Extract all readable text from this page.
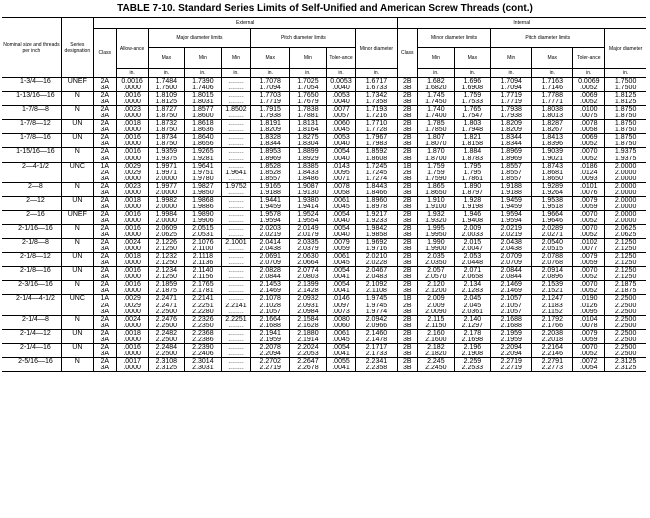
TABLE 7-10. Standard Series Limits of Self-Unified and American Screw Threads (cont.)
Nominal size and threads per inch	Series designation	External									Internal						
		Class	Allow-ance	Major diameter limits			Pitch diameter limits			Minor diameter	Class	Minor diameter limits		Pitch diameter limits			Major diameter
				Max	Min	Min	Max	Min	Toler-ance			Min	Max	Min	Max	Toler-ance	
			in.	in.	in.	in.	in.	in.	in.	in.		in.	in.	in.	in.	in.	in.
1-3/4—16	UNEF	2A	0.0016	1.7484	1.7390	........	1.7078	1.7025	0.0053	1.6717	2B	1.682	1.696	1.7094	1.7163	0.0069	1.7500
		3A	.0000	1.7500	1.7406	........	1.7094	1.7054	.0040	1.6733	3B	1.6820	1.6908	1.7094	1.7146	.0052	1.7500
1-13/16—16	N	2A	.0016	1.8109	1.8015	........	1.7703	1.7650	.0053	1.7342	2B	1.745	1.759	1.7719	1.7788	.0069	1.8125
		3A	.0000	1.8125	1.8031	........	1.7719	1.7679	.0040	1.7358	3B	1.7450	1.7533	1.7719	1.7771	.0052	1.8125
1-7/8—8	N	2A	.0023	1.8727	1.8577	1.8502	1.7915	1.7838	.0077	1.7193	2B	1.740	1.765	1.7938	1.8038	.0100	1.8750
		3A	.0000	1.8750	1.8600	........	1.7938	1.7881	.0057	1.7216	3B	1.7400	1.7547	1.7938	1.8013	.0075	1.8750
1-7/8—12	UN	2A	.0018	1.8732	1.8618	........	1.8191	1.8131	.0060	1.7710	2B	1.785	1.803	1.8209	1.8287	.0078	1.8750
		3A	.0000	1.8750	1.8636	........	1.8209	1.8164	.0045	1.7728	3B	1.7850	1.7948	1.8209	1.8267	.0058	1.8750
1-7/8—16	UN	2A	.0016	1.8734	1.8640	........	1.8328	1.8275	.0053	1.7967	2B	1.807	1.821	1.8344	1.8413	.0069	1.8750
		3A	.0000	1.8750	1.8656	........	1.8344	1.8304	.0040	1.7983	3B	1.8070	1.8158	1.8344	1.8396	.0052	1.8750
1-15/16—16	N	2A	.0016	1.9359	1.9265	........	1.8953	1.8899	.0054	1.8592	2B	1.870	1.884	1.8969	1.9039	.0070	1.9375
		3A	.0000	1.9375	1.9281	........	1.8969	1.8929	.0040	1.8608	3B	1.8700	1.8783	1.8969	1.9021	.0052	1.9375
2—4-1/2	UNC	1A	.0029	1.9971	1.9641	........	1.8528	1.8385	.0143	1.7245	1B	1.759	1.795	1.8557	1.8743	.0186	2.0000
		2A	.0029	1.9971	1.9751	1.9641	1.8528	1.8433	.0095	1.7245	2B	1.759	1.795	1.8557	1.8681	.0124	2.0000
		3A	.0000	2.0000	1.9780	........	1.8557	1.8486	.0071	1.7274	3B	1.7590	1.7861	1.8557	1.8650	.0093	2.0000
2—8	N	2A	.0023	1.9977	1.9827	1.9752	1.9165	1.9087	.0078	1.8443	2B	1.865	1.890	1.9188	1.9289	.0101	2.0000
		3A	.0000	2.0000	1.9850	........	1.9188	1.9130	.0058	1.8466	3B	1.8650	1.8797	1.9188	1.9264	.0076	2.0000
2—12	UN	2A	.0018	1.9982	1.9868	........	1.9441	1.9380	.0061	1.8960	2B	1.910	1.928	1.9459	1.9538	.0079	2.0000
		3A	.0000	2.0000	1.9886	........	1.9459	1.9414	.0045	1.8978	3B	1.9100	1.9198	1.9459	1.9518	.0059	2.0000
2—16	UNEF	2A	.0016	1.9984	1.9890	........	1.9578	1.9524	.0054	1.9217	2B	1.932	1.946	1.9594	1.9664	.0070	2.0000
		3A	.0000	2.0000	1.9906	........	1.9594	1.9554	.0040	1.9233	3B	1.9320	1.9408	1.9594	1.9646	.0052	2.0000
2-1/16—16	N	2A	.0016	2.0609	2.0515	........	2.0203	2.0149	.0054	1.9842	2B	1.995	2.009	2.0219	2.0289	.0070	2.0625
		3A	.0000	2.0625	2.0531	........	2.0219	2.0179	.0040	1.9858	3B	1.9950	2.0033	2.0219	2.0271	.0052	2.0625
2-1/8—8	N	2A	.0024	2.1226	2.1076	2.1001	2.0414	2.0335	.0079	1.9692	2B	1.990	2.015	2.0438	2.0540	.0102	2.1250
		3A	.0000	2.1250	2.1100	........	2.0438	2.0379	.0059	1.9716	3B	1.9900	2.0047	2.0438	2.0515	.0077	2.1250
2-1/8—12	UN	2A	.0018	2.1232	2.1118	........	2.0691	2.0630	.0061	2.0210	2B	2.035	2.053	2.0709	2.0788	.0079	2.1250
		3A	.0000	2.1250	2.1136	........	2.0709	2.0664	.0045	2.0228	3B	2.0350	2.0448	2.0709	2.0768	.0059	2.1250
2-1/8—16	UN	2A	.0016	2.1234	2.1140	........	2.0828	2.0774	.0054	2.0467	2B	2.057	2.071	2.0844	2.0914	.0070	2.1250
		3A	.0000	2.1250	2.1156	........	2.0844	2.0803	.0041	2.0483	3B	2.0570	2.0658	2.0844	2.0896	.0052	2.1250
2-3/16—16	N	2A	.0016	2.1859	2.1765	........	2.1453	2.1399	.0054	2.1092	2B	2.120	2.134	2.1469	2.1539	.0070	2.1875
		3A	.0000	2.1875	2.1781	........	2.1469	2.1428	.0041	2.1108	3B	2.1200	2.1283	2.1469	2.1521	.0052	2.1875
2-1/4—4-1/2	UNC	1A	.0029	2.2471	2.2141	........	2.1078	2.0932	.0146	1.9745	1B	2.009	2.045	2.1057	2.1247	.0190	2.2500
		2A	.0029	2.2471	2.2251	2.2141	2.1028	2.0931	.0097	1.9745	2B	2.009	2.045	2.1057	2.1183	.0126	2.2500
		3A	.0000	2.2500	2.2280	........	2.1057	2.0984	.0073	1.9774	3B	2.0090	2.0361	2.1057	2.1152	.0095	2.2500
2-1/4—8	N	2A	.0024	2.2476	2.2326	2.2251	2.1664	2.1584	.0080	2.0942	2B	2.115	2.140	2.1688	2.1792	.0104	2.2500
		3A	.0000	2.2500	2.2350	........	2.1688	2.1628	.0060	2.0966	3B	2.1150	2.1297	2.1688	2.1766	.0078	2.2500
2-1/4—12	UN	2A	.0018	2.2482	2.2368	........	2.1941	2.1880	.0061	2.1460	2B	2.160	2.178	2.1959	2.2038	.0079	2.2500
		3A	.0000	2.2500	2.2386	........	2.1959	2.1914	.0045	2.1478	3B	2.1600	2.1698	2.1959	2.2018	.0059	2.2500
2-1/4—16	UN	2A	.0016	2.2484	2.2390	........	2.2078	2.2024	.0054	2.1717	2B	2.182	2.196	2.2094	2.2164	.0070	2.2500
		3A	.0000	2.2500	2.2406	........	2.2094	2.2053	.0041	2.1733	3B	2.1820	2.1908	2.2094	2.2146	.0052	2.2500
2-5/16—16	N	2A	.0017	2.3108	2.3014	........	2.2702	2.2647	.0055	2.2341	2B	2.245	2.259	2.2719	2.2791	.0072	2.3125
		3A	.0000	2.3125	2.3031	........	2.2719	2.2678	.0041	2.2358	3B	2.2450	2.2533	2.2719	2.2773	.0054	2.3125
